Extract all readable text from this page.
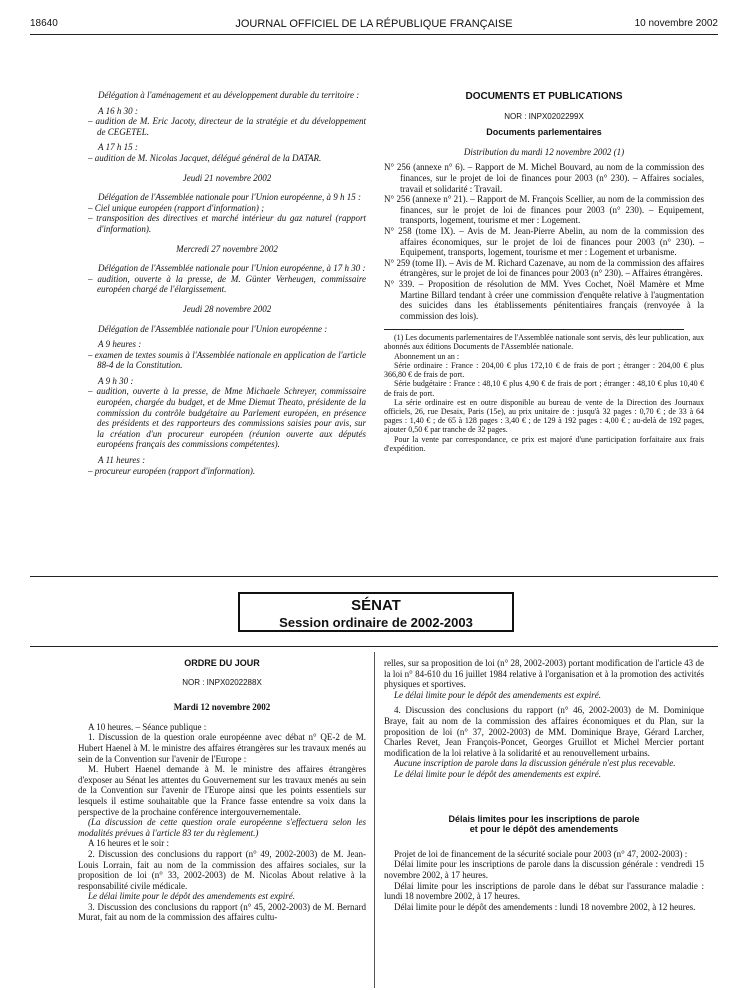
18640	JOURNAL OFFICIEL DE LA RÉPUBLIQUE FRANÇAISE	10 novembre 2002

Délégation à l'aménagement et au développement durable du territoire :

A 16 h 30 :

– audition de M. Eric Jacoty, directeur de la stratégie et du développement de CEGETEL.

A 17 h 15 :

– audition de M. Nicolas Jacquet, délégué général de la DATAR.

Jeudi 21 novembre 2002

Délégation de l'Assemblée nationale pour l'Union européenne, à 9 h 15 :

– Ciel unique européen (rapport d'information) ;

– transposition des directives et marché intérieur du gaz naturel (rapport d'information).

Mercredi 27 novembre 2002

Délégation de l'Assemblée nationale pour l'Union européenne, à 17 h 30 :

– audition, ouverte à la presse, de M. Günter Verheugen, commissaire européen chargé de l'élargissement.

Jeudi 28 novembre 2002

Délégation de l'Assemblée nationale pour l'Union européenne :

A 9 heures :

– examen de textes soumis à l'Assemblée nationale en application de l'article 88-4 de la Constitution.

A 9 h 30 :

– audition, ouverte à la presse, de Mme Michaele Schreyer, commissaire européen, chargée du budget, et de Mme Diemut Theato, présidente de la commission du contrôle budgétaire au Parlement européen, en présence des présidents et des rapporteurs des commissions saisies pour avis, sur la création d'un procureur européen (réunion ouverte aux députés européens français des commissions compétentes).

A 11 heures :

– procureur européen (rapport d'information).

DOCUMENTS ET PUBLICATIONS

NOR : INPX0202299X

Documents parlementaires

Distribution du mardi 12 novembre 2002 (1)

N° 256 (annexe n° 6). – Rapport de M. Michel Bouvard, au nom de la commission des finances, sur le projet de loi de finances pour 2003 (n° 230). – Affaires sociales, travail et solidarité : Travail.

N° 256 (annexe n° 21). – Rapport de M. François Scellier, au nom de la commission des finances, sur le projet de loi de finances pour 2003 (n° 230). – Equipement, transports, logement, tourisme et mer : Logement.

N° 258 (tome IX). – Avis de M. Jean-Pierre Abelin, au nom de la commission des affaires économiques, sur le projet de loi de finances pour 2003 (n° 230). – Equipement, transports, logement, tourisme et mer : Logement et urbanisme.

N° 259 (tome II). – Avis de M. Richard Cazenave, au nom de la commission des affaires étrangères, sur le projet de loi de finances pour 2003 (n° 230). – Affaires étrangères.

N° 339. – Proposition de résolution de MM. Yves Cochet, Noël Mamère et Mme Martine Billard tendant à créer une commission d'enquête relative à l'augmentation des suicides dans les établissements pénitentiaires français (renvoyée à la commission des lois).

(1) Les documents parlementaires de l'Assemblée nationale sont servis, dès leur publication, aux abonnés aux éditions Documents de l'Assemblée nationale.

Abonnement un an :

Série ordinaire : France : 204,00 € plus 172,10 € de frais de port ; étranger : 204,00 € plus 366,80 € de frais de port.

Série budgétaire : France : 48,10 € plus 4,90 € de frais de port ; étranger : 48,10 € plus 10,40 € de frais de port.

La série ordinaire est en outre disponible au bureau de vente de la Direction des Journaux officiels, 26, rue Desaix, Paris (15e), au prix unitaire de : jusqu'à 32 pages : 0,70 € ; de 33 à 64 pages : 1,40 € ; de 65 à 128 pages : 3,40 € ; de 129 à 192 pages : 4,00 € ; au-delà de 192 pages, ajouter 0,50 € par tranche de 32 pages.

Pour la vente par correspondance, ce prix est majoré d'une participation forfaitaire aux frais d'expédition.

SÉNAT
Session ordinaire de 2002-2003

ORDRE DU JOUR

NOR : INPX0202288X

Mardi 12 novembre 2002

A 10 heures. – Séance publique :

1. Discussion de la question orale européenne avec débat n° QE-2 de M. Hubert Haenel à M. le ministre des affaires étrangères sur les travaux menés au sein de la Convention sur l'avenir de l'Europe :

M. Hubert Haenel demande à M. le ministre des affaires étrangères d'exposer au Sénat les attentes du Gouvernement sur les travaux menés au sein de la Convention sur l'avenir de l'Europe ainsi que les points essentiels sur lesquels il estime souhaitable que la France fasse entendre sa voix dans la perspective de la prochaine conférence intergouvernementale.

(La discussion de cette question orale européenne s'effectuera selon les modalités prévues à l'article 83 ter du règlement.)

A 16 heures et le soir :

2. Discussion des conclusions du rapport (n° 49, 2002-2003) de M. Jean-Louis Lorrain, fait au nom de la commission des affaires sociales, sur la proposition de loi (n° 33, 2002-2003) de M. Nicolas About relative à la responsabilité civile médicale.

Le délai limite pour le dépôt des amendements est expiré.

3. Discussion des conclusions du rapport (n° 45, 2002-2003) de M. Bernard Murat, fait au nom de la commission des affaires cultu-

relles, sur sa proposition de loi (n° 28, 2002-2003) portant modification de l'article 43 de la loi n° 84-610 du 16 juillet 1984 relative à l'organisation et à la promotion des activités physiques et sportives.

Le délai limite pour le dépôt des amendements est expiré.

4. Discussion des conclusions du rapport (n° 46, 2002-2003) de M. Dominique Braye, fait au nom de la commission des affaires économiques et du Plan, sur la proposition de loi (n° 37, 2002-2003) de MM. Dominique Braye, Gérard Larcher, Charles Revet, Jean François-Poncet, Georges Gruillot et Michel Mercier portant modification de la loi relative à la solidarité et au renouvellement urbains.

Aucune inscription de parole dans la discussion générale n'est plus recevable.

Le délai limite pour le dépôt des amendements est expiré.

Délais limites pour les inscriptions de parole

et pour le dépôt des amendements

Projet de loi de financement de la sécurité sociale pour 2003 (n° 47, 2002-2003) :

Délai limite pour les inscriptions de parole dans la discussion générale : vendredi 15 novembre 2002, à 17 heures.

Délai limite pour les inscriptions de parole dans le débat sur l'assurance maladie : lundi 18 novembre 2002, à 17 heures.

Délai limite pour le dépôt des amendements : lundi 18 novembre 2002, à 12 heures.
